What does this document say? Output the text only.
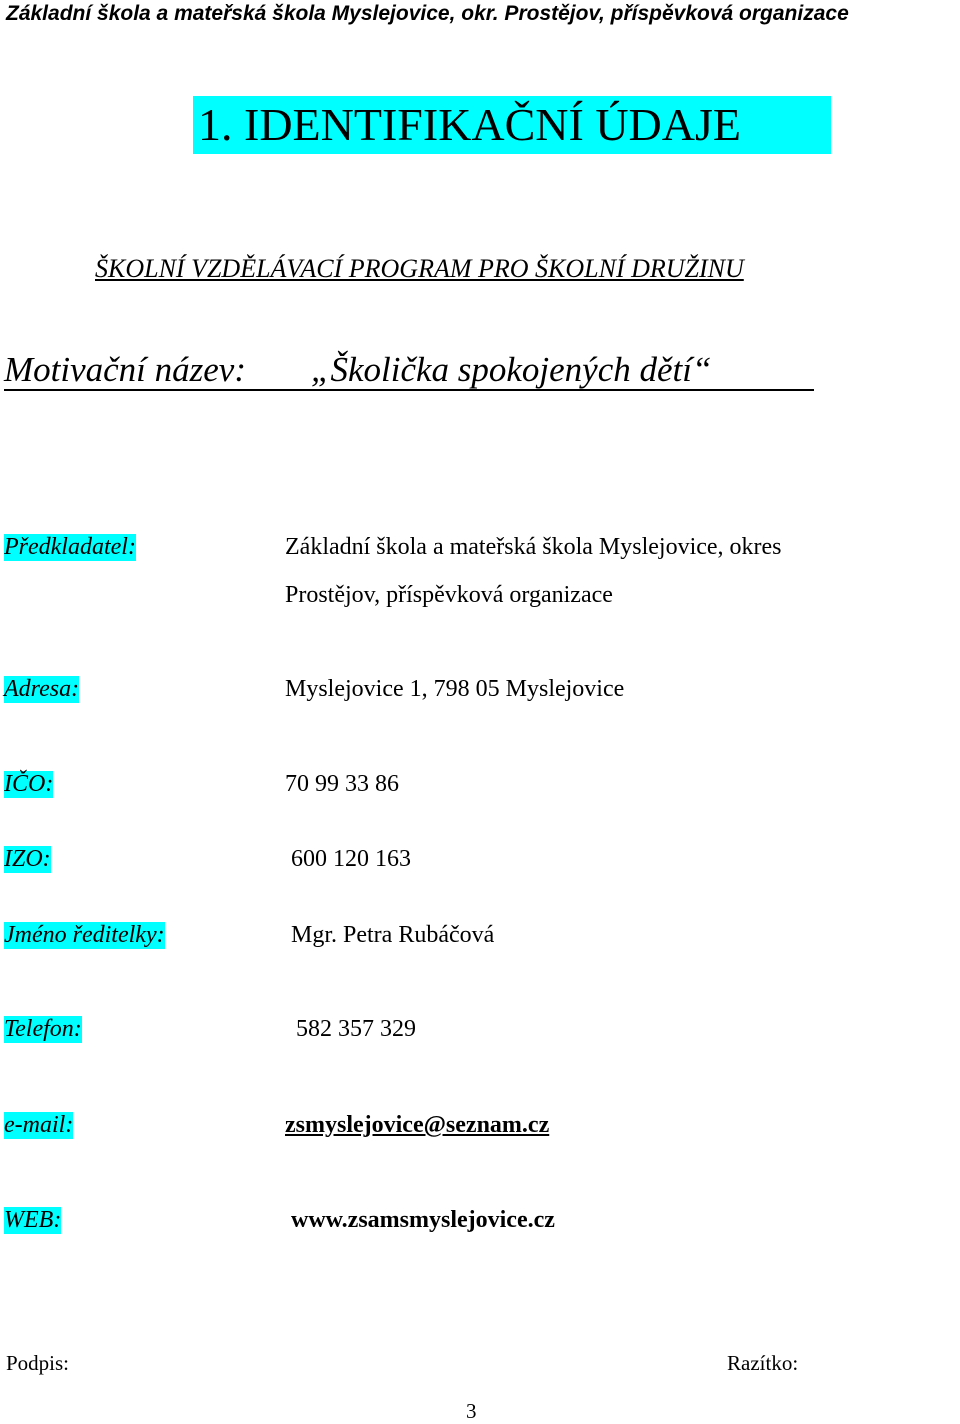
Základní škola a mateřská škola Myslejovice, okr. Prostějov, příspěvková organizace
1. IDENTIFIKAČNÍ ÚDAJE
ŠKOLNÍ VZDĚLÁVACÍ PROGRAM PRO ŠKOLNÍ DRUŽINU
Motivační název: „Školička spokojených dětí“
Předkladatel:	Základní škola a mateřská škola Myslejovice, okres
Prostějov, příspěvková organizace
Adresa:	Myslejovice 1, 798 05 Myslejovice
IČO:	70 99 33 86
IZO:	600 120 163
Jméno ředitelky:	Mgr. Petra Rubáčová
Telefon:	582 357 329
e-mail:	zsmyslejovice@seznam.cz
WEB:	www.zsamsmyslejovice.cz
Podpis:	Razítko:
3
